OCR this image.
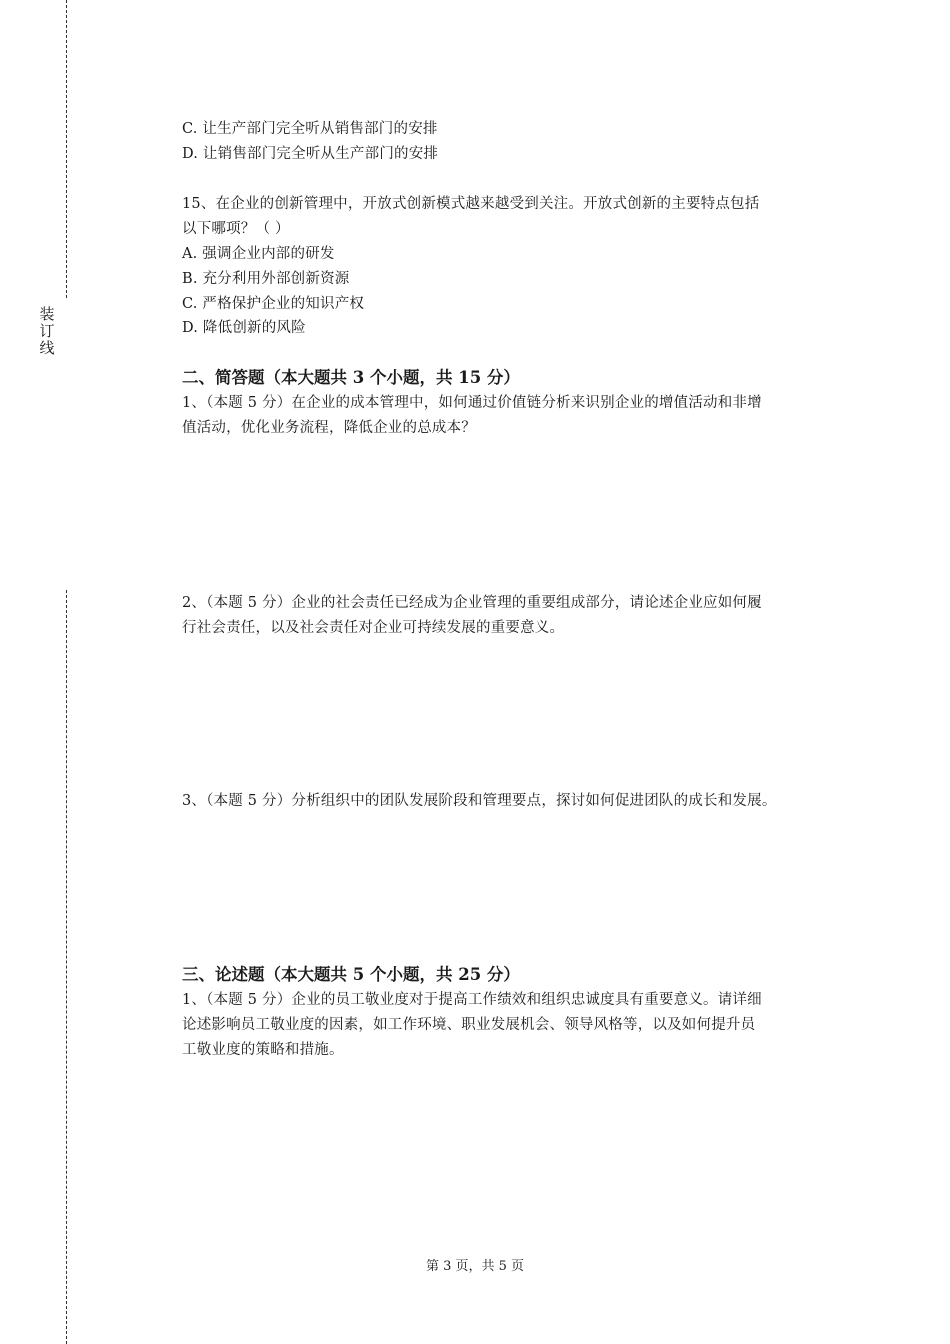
装
订
线
C. 让生产部门完全听从销售部门的安排
D. 让销售部门完全听从生产部门的安排
15、在企业的创新管理中，开放式创新模式越来越受到关注。开放式创新的主要特点包括
以下哪项？（ ）
A. 强调企业内部的研发
B. 充分利用外部创新资源
C. 严格保护企业的知识产权
D. 降低创新的风险
二、简答题（本大题共 3 个小题，共 15 分）
1、（本题 5 分）在企业的成本管理中，如何通过价值链分析来识别企业的增值活动和非增
值活动，优化业务流程，降低企业的总成本？
2、（本题 5 分）企业的社会责任已经成为企业管理的重要组成部分，请论述企业应如何履
行社会责任，以及社会责任对企业可持续发展的重要意义。
3、（本题 5 分）分析组织中的团队发展阶段和管理要点，探讨如何促进团队的成长和发展。
三、论述题（本大题共 5 个小题，共 25 分）
1、（本题 5 分）企业的员工敬业度对于提高工作绩效和组织忠诚度具有重要意义。请详细
论述影响员工敬业度的因素，如工作环境、职业发展机会、领导风格等，以及如何提升员
工敬业度的策略和措施。
第 3 页，共 5 页
